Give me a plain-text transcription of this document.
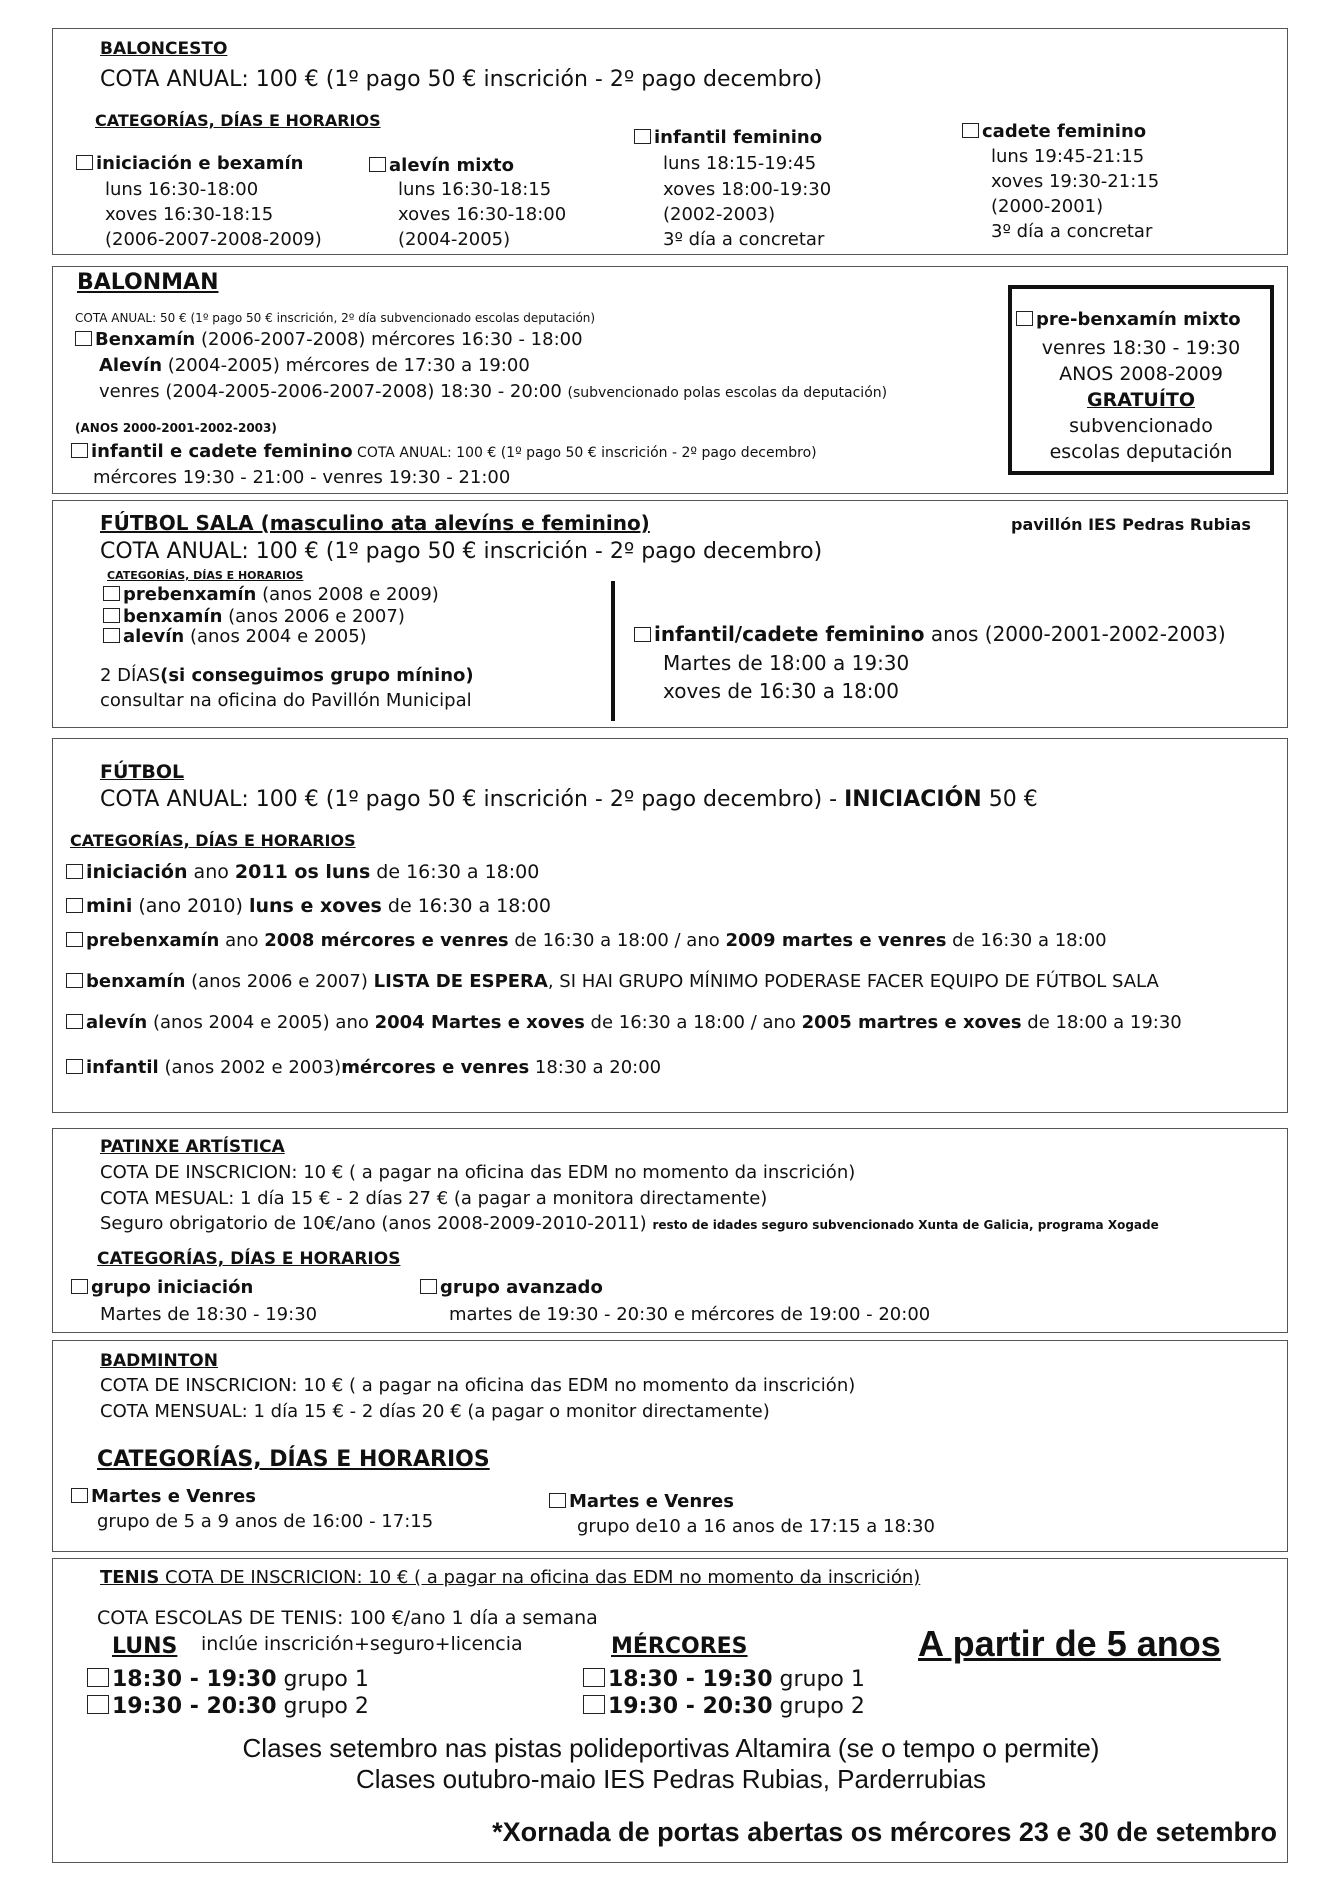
BALONCESTO
COTA ANUAL: 100 € (1º pago 50 € inscrición - 2º pago decembro)
CATEGORÍAS, DÍAS E HORARIOS
iniciación e bexamín
luns 16:30-18:00
xoves 16:30-18:15
(2006-2007-2008-2009)
alevín mixto
luns 16:30-18:15
xoves 16:30-18:00
(2004-2005)
infantil feminino
luns 18:15-19:45
xoves 18:00-19:30
(2002-2003)
3º día a concretar
cadete feminino
luns 19:45-21:15
xoves 19:30-21:15
(2000-2001)
3º día a concretar
BALONMAN
COTA ANUAL: 50 € (1º pago 50 € inscrición, 2º día subvencionado escolas deputación)
Benxamín (2006-2007-2008) mércores 16:30 - 18:00
Alevín (2004-2005) mércores de 17:30 a 19:00
venres (2004-2005-2006-2007-2008) 18:30 - 20:00 (subvencionado polas escolas da deputación)
(ANOS 2000-2001-2002-2003)
infantil e cadete feminino COTA ANUAL: 100 € (1º pago 50 € inscrición - 2º pago decembro)
mércores 19:30 - 21:00 - venres 19:30 - 21:00
pre-benxamín mixto
venres 18:30 - 19:30
ANOS 2008-2009
GRATUÍTO
subvencionado
escolas deputación
FÚTBOL SALA (masculino ata alevíns e feminino)	pavillón IES Pedras Rubias
COTA ANUAL: 100 € (1º pago 50 € inscrición - 2º pago decembro)
CATEGORÍAS, DÍAS E HORARIOS
prebenxamín (anos 2008 e 2009)
benxamín (anos 2006 e 2007)
alevín (anos 2004 e 2005)
2 DÍAS(si conseguimos grupo mínino)
consultar na oficina do Pavillón Municipal
infantil/cadete feminino anos (2000-2001-2002-2003)
Martes de 18:00 a 19:30
xoves de 16:30 a 18:00
FÚTBOL
COTA ANUAL: 100 € (1º pago 50 € inscrición - 2º pago decembro) - INICIACIÓN 50 €
CATEGORÍAS, DÍAS E HORARIOS
iniciación ano 2011 os luns de 16:30 a 18:00
mini (ano 2010) luns e xoves de 16:30 a 18:00
prebenxamín ano 2008 mércores e venres de 16:30 a 18:00 / ano 2009 martes e venres de 16:30 a 18:00
benxamín (anos 2006 e 2007) LISTA DE ESPERA, SI HAI GRUPO MÍNIMO PODERASE FACER EQUIPO DE FÚTBOL SALA
alevín (anos 2004 e 2005) ano 2004 Martes e xoves de 16:30 a 18:00 / ano 2005 martres e xoves de 18:00 a 19:30
infantil (anos 2002 e 2003)mércores e venres 18:30 a 20:00
PATINXE ARTÍSTICA
COTA DE INSCRICION: 10 € ( a pagar na oficina das EDM no momento da inscrición)
COTA MESUAL: 1 día 15 € - 2 días 27 € (a pagar a monitora directamente)
Seguro obrigatorio de 10€/ano (anos 2008-2009-2010-2011) resto de idades seguro subvencionado Xunta de Galicia, programa Xogade
CATEGORÍAS, DÍAS E HORARIOS
grupo iniciación
Martes de 18:30 - 19:30
grupo avanzado
martes de 19:30 - 20:30 e mércores de 19:00 - 20:00
BADMINTON
COTA DE INSCRICION: 10 € ( a pagar na oficina das EDM no momento da inscrición)
COTA MENSUAL: 1 día 15 € - 2 días 20 € (a pagar o monitor directamente)
CATEGORÍAS, DÍAS E HORARIOS
Martes e Venres
grupo de 5 a 9 anos de 16:00 - 17:15
Martes e Venres
grupo de10 a 16 anos de 17:15 a 18:30
TENIS COTA DE INSCRICION: 10 € ( a pagar na oficina das EDM no momento da inscrición)
COTA ESCOLAS DE TENIS: 100 €/ano 1 día a semana
LUNS inclúe inscrición+seguro+licencia	MÉRCORES
18:30 - 19:30 grupo 1
19:30 - 20:30 grupo 2
18:30 - 19:30 grupo 1
19:30 - 20:30 grupo 2
A partir de 5 anos
Clases setembro nas pistas polideportivas Altamira (se o tempo o permite)
Clases outubro-maio IES Pedras Rubias, Parderrubias
*Xornada de portas abertas os mércores 23 e 30 de setembro
